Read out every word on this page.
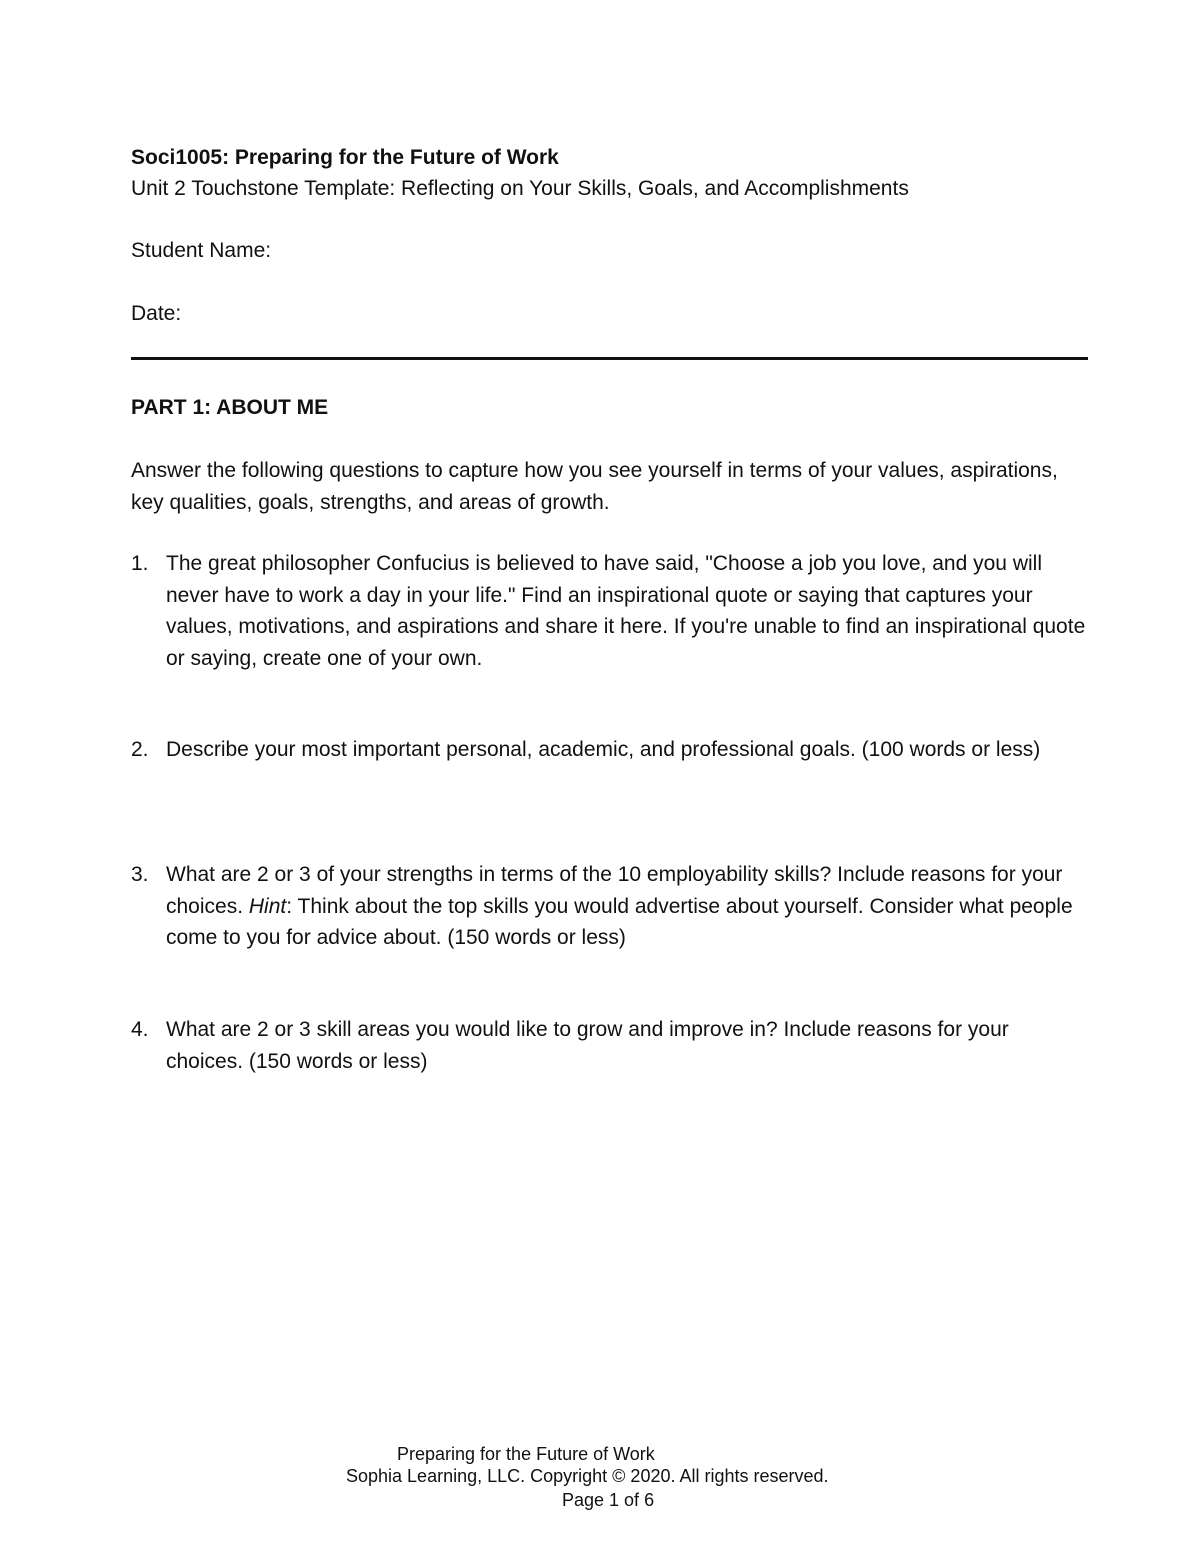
Soci1005: Preparing for the Future of Work
Unit 2 Touchstone Template: Reflecting on Your Skills, Goals, and Accomplishments
Student Name:
Date:
PART 1: ABOUT ME
Answer the following questions to capture how you see yourself in terms of your values, aspirations, key qualities, goals, strengths, and areas of growth.
1. The great philosopher Confucius is believed to have said, "Choose a job you love, and you will never have to work a day in your life." Find an inspirational quote or saying that captures your values, motivations, and aspirations and share it here. If you're unable to find an inspirational quote or saying, create one of your own.
2. Describe your most important personal, academic, and professional goals. (100 words or less)
3. What are 2 or 3 of your strengths in terms of the 10 employability skills? Include reasons for your choices. Hint: Think about the top skills you would advertise about yourself. Consider what people come to you for advice about. (150 words or less)
4. What are 2 or 3 skill areas you would like to grow and improve in? Include reasons for your choices. (150 words or less)
Preparing for the Future of Work
Sophia Learning, LLC. Copyright © 2020. All rights reserved.
Page 1 of 6
